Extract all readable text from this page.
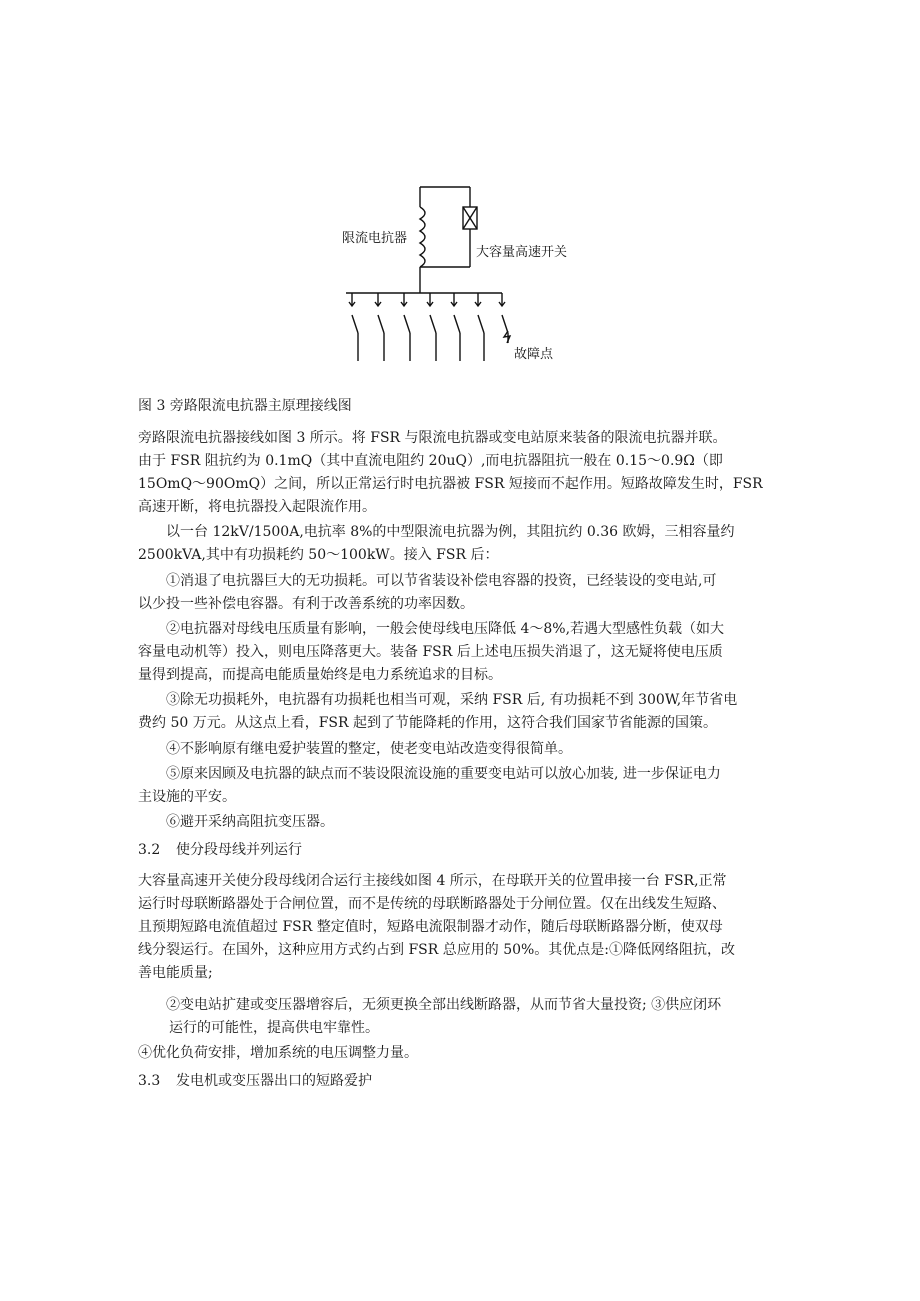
限流电抗器
大容量高速开关
故障点
图 3 旁路限流电抗器主原理接线图
旁路限流电抗器接线如图 3 所示。将 FSR 与限流电抗器或变电站原来装备的限流电抗器并联。
由于 FSR 阻抗约为 0.1mQ（其中直流电阻约 20uQ）,而电抗器阻抗一般在 0.15～0.9Ω（即
15OmQ～90OmQ）之间，所以正常运行时电抗器被 FSR 短接而不起作用。短路故障发生时，FSR
高速开断，将电抗器投入起限流作用。
以一台 12kV/1500A,电抗率 8%的中型限流电抗器为例，其阻抗约 0.36 欧姆，三相容量约
2500kVA,其中有功损耗约 50～100kW。接入 FSR 后：
①消退了电抗器巨大的无功损耗。可以节省装设补偿电容器的投资，已经装设的变电站,可
以少投一些补偿电容器。有利于改善系统的功率因数。
②电抗器对母线电压质量有影响，一般会使母线电压降低 4～8%,若遇大型感性负载（如大
容量电动机等）投入，则电压降落更大。装备 FSR 后上述电压损失消退了，这无疑将使电压质
量得到提高，而提高电能质量始终是电力系统追求的目标。
③除无功损耗外，电抗器有功损耗也相当可观，采纳 FSR 后, 有功损耗不到 300W,年节省电
费约 50 万元。从这点上看，FSR 起到了节能降耗的作用，这符合我们国家节省能源的国策。
④不影响原有继电爱护装置的整定，使老变电站改造变得很简单。
⑤原来因顾及电抗器的缺点而不装设限流设施的重要变电站可以放心加装, 进一步保证电力
主设施的平安。
⑥避开采纳高阻抗变压器。
3.2 使分段母线并列运行
大容量高速开关使分段母线闭合运行主接线如图 4 所示，在母联开关的位置串接一台 FSR,正常
运行时母联断路器处于合闸位置，而不是传统的母联断路器处于分闸位置。仅在出线发生短路、
且预期短路电流值超过 FSR 整定值时，短路电流限制器才动作，随后母联断路器分断，使双母
线分裂运行。在国外，这种应用方式约占到 FSR 总应用的 50%。其优点是:①降低网络阻抗，改
善电能质量;
②变电站扩建或变压器增容后，无须更换全部出线断路器，从而节省大量投资; ③供应闭环
运行的可能性，提高供电牢靠性。
④优化负荷安排，增加系统的电压调整力量。
3.3 发电机或变压器出口的短路爱护
